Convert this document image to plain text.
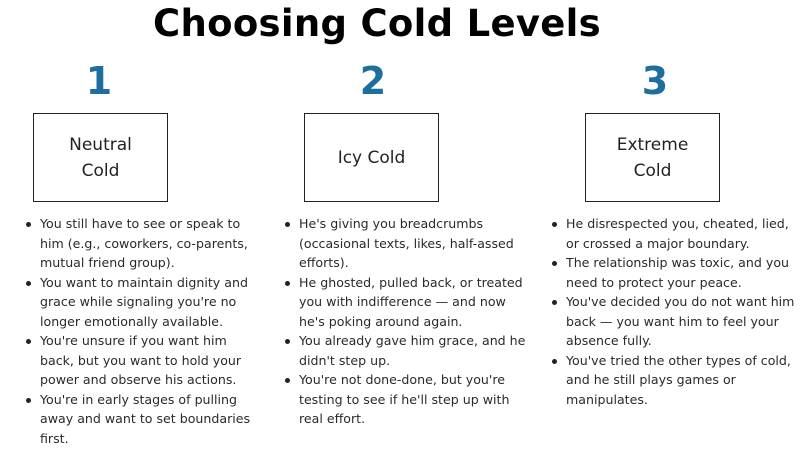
Choosing Cold Levels
1
Neutral
Cold
You still have to see or speak to him (e.g., coworkers, co-parents, mutual friend group).
You want to maintain dignity and grace while signaling you're no longer emotionally available.
You're unsure if you want him back, but you want to hold your power and observe his actions.
You're in early stages of pulling away and want to set boundaries first.
2
Icy Cold
He's giving you breadcrumbs (occasional texts, likes, half-assed efforts).
He ghosted, pulled back, or treated you with indifference — and now he's poking around again.
You already gave him grace, and he didn't step up.
You're not done-done, but you're testing to see if he'll step up with real effort.
3
Extreme
Cold
He disrespected you, cheated, lied, or crossed a major boundary.
The relationship was toxic, and you need to protect your peace.
You've decided you do not want him back — you want him to feel your absence fully.
You've tried the other types of cold, and he still plays games or manipulates.
